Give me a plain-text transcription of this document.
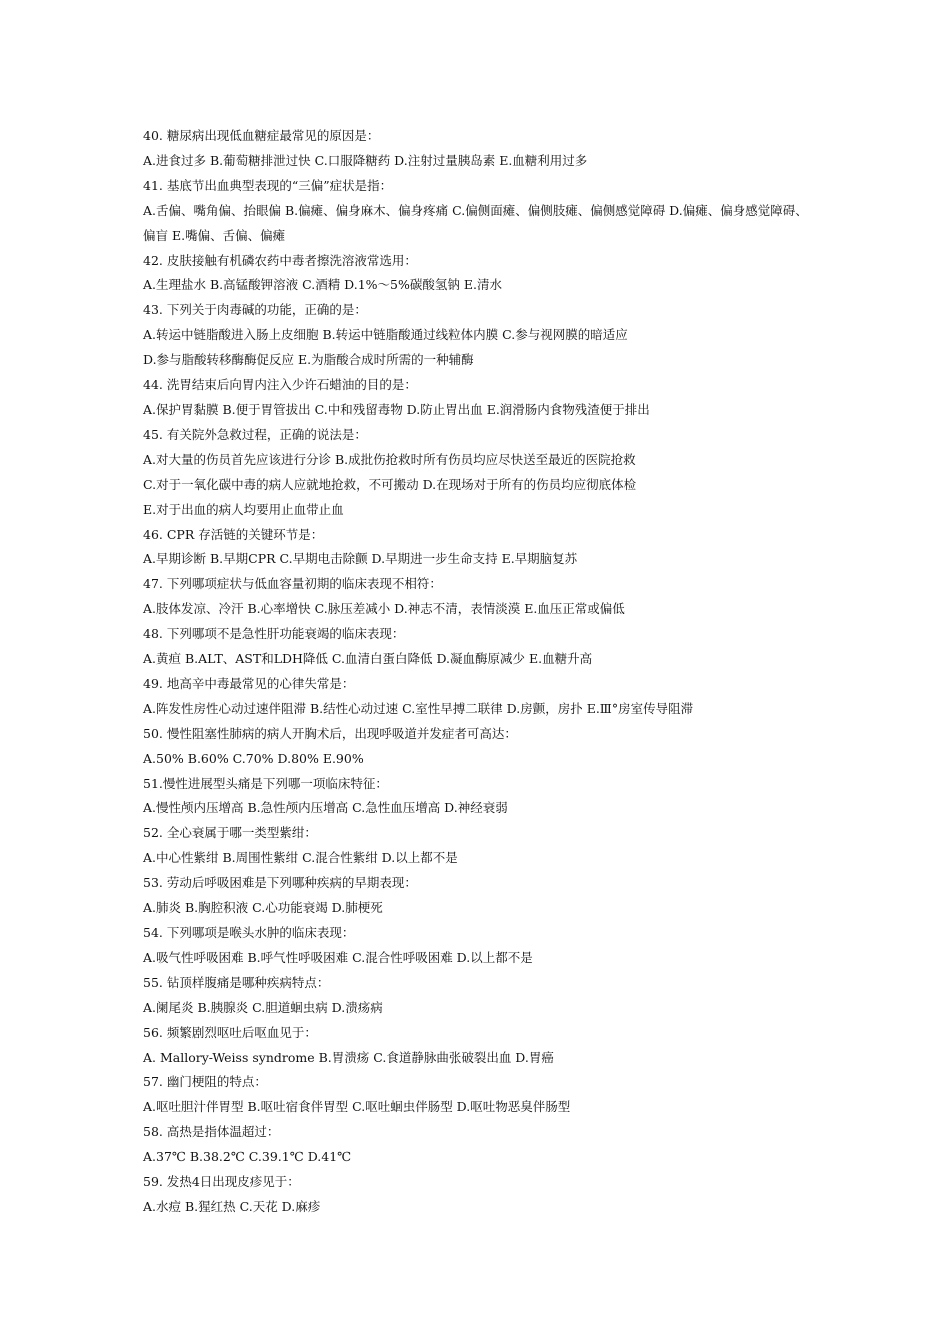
40. 糖尿病出现低血糖症最常见的原因是：
A.进食过多 B.葡萄糖排泄过快 C.口服降糖药 D.注射过量胰岛素 E.血糖利用过多
41. 基底节出血典型表现的“三偏”症状是指：
A.舌偏、嘴角偏、抬眼偏 B.偏瘫、偏身麻木、偏身疼痛 C.偏侧面瘫、偏侧肢瘫、偏侧感觉障碍 D.偏瘫、偏身感觉障碍、偏盲 E.嘴偏、舌偏、偏瘫
42. 皮肤接触有机磷农药中毒者擦洗溶液常选用：
A.生理盐水 B.高锰酸钾溶液 C.酒精 D.1%～5%碳酸氢钠 E.清水
43. 下列关于肉毒碱的功能，正确的是：
A.转运中链脂酸进入肠上皮细胞 B.转运中链脂酸通过线粒体内膜 C.参与视网膜的暗适应
D.参与脂酸转移酶酶促反应 E.为脂酸合成时所需的一种辅酶
44. 洗胃结束后向胃内注入少许石蜡油的目的是：
A.保护胃黏膜 B.便于胃管拔出 C.中和残留毒物 D.防止胃出血 E.润滑肠内食物残渣便于排出
45. 有关院外急救过程，正确的说法是：
A.对大量的伤员首先应该进行分诊 B.成批伤抢救时所有伤员均应尽快送至最近的医院抢救
C.对于一氧化碳中毒的病人应就地抢救，不可搬动 D.在现场对于所有的伤员均应彻底体检
E.对于出血的病人均要用止血带止血
46. CPR 存活链的关键环节是：
A.早期诊断 B.早期CPR C.早期电击除颤 D.早期进一步生命支持 E.早期脑复苏
47. 下列哪项症状与低血容量初期的临床表现不相符：
A.肢体发凉、冷汗 B.心率增快 C.脉压差减小 D.神志不清，表情淡漠 E.血压正常或偏低
48. 下列哪项不是急性肝功能衰竭的临床表现：
A.黄疸 B.ALT、AST和LDH降低 C.血清白蛋白降低 D.凝血酶原减少 E.血糖升高
49. 地高辛中毒最常见的心律失常是：
A.阵发性房性心动过速伴阻滞 B.结性心动过速 C.室性早搏二联律 D.房颤，房扑 E.Ⅲ°房室传导阻滞
50. 慢性阻塞性肺病的病人开胸术后，出现呼吸道并发症者可高达：
A.50% B.60% C.70% D.80% E.90%
51.慢性进展型头痛是下列哪一项临床特征：
A.慢性颅内压增高 B.急性颅内压增高 C.急性血压增高 D.神经衰弱
52. 全心衰属于哪一类型紫绀：
A.中心性紫绀 B.周围性紫绀 C.混合性紫绀 D.以上都不是
53. 劳动后呼吸困难是下列哪种疾病的早期表现：
A.肺炎 B.胸腔积液 C.心功能衰竭 D.肺梗死
54. 下列哪项是喉头水肿的临床表现：
A.吸气性呼吸困难 B.呼气性呼吸困难 C.混合性呼吸困难 D.以上都不是
55. 钻顶样腹痛是哪种疾病特点：
A.阑尾炎 B.胰腺炎 C.胆道蛔虫病 D.溃疡病
56. 频繁剧烈呕吐后呕血见于：
A. Mallory-Weiss syndrome B.胃溃疡 C.食道静脉曲张破裂出血 D.胃癌
57. 幽门梗阻的特点：
A.呕吐胆汁伴胃型 B.呕吐宿食伴胃型 C.呕吐蛔虫伴肠型 D.呕吐物恶臭伴肠型
58. 高热是指体温超过：
A.37℃ B.38.2℃ C.39.1℃ D.41℃
59. 发热4日出现皮疹见于：
A.水痘 B.猩红热 C.天花 D.麻疹
